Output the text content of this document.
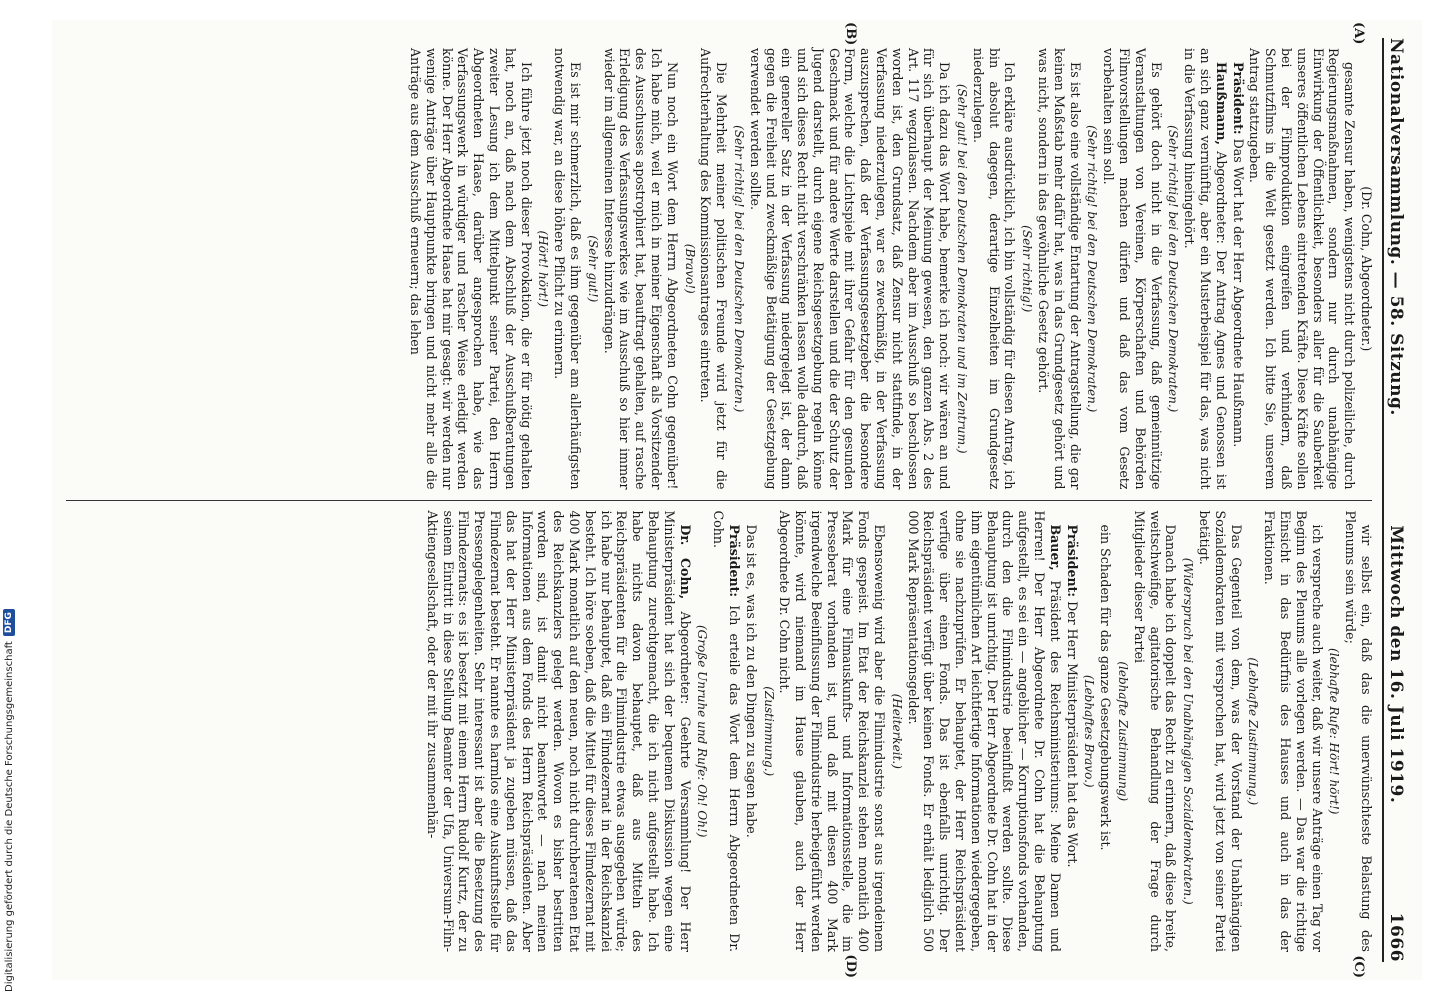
Nationalversammlung. — 58. Sitzung.
Mittwoch den 16. Juli 1919.
1666
(A)
(B)
(C)
(D)

(Dr. Cohn, Abgeordneter.)

gesamte Zensur haben, wenigstens nicht durch polizeiliche, durch Regierungsmaßnahmen, sondern nur durch unabhängige Einwirkung der Öffentlichkeit, besonders aller für die Sauberkeit unseres öffentlichen Lebens eintretenden Kräfte. Diese Kräfte sollen bei der Filmproduktion eingreifen und verhindern, daß Schmutzfilms in die Welt gesetzt werden. Ich bitte Sie, unserem Antrag stattzugeben.

Präsident: Das Wort hat der Herr Abgeordnete Haußmann.

Haußmann, Abgeordneter: Der Antrag Agnes und Genossen ist an sich ganz vernünftig, aber ein Musterbeispiel für das, was nicht in die Verfassung hineingehört.

(Sehr richtig! bei den Deutschen Demokraten.)

Es gehört doch nicht in die Verfassung, daß gemeinnützige Veranstaltungen von Vereinen, Körperschaften und Behörden Filmvorstellungen machen dürfen und daß das vom Gesetz vorbehalten sein soll.

(Sehr richtig! bei den Deutschen Demokraten.)

Es ist also eine vollständige Entartung der Antragstellung, die gar keinen Maßstab mehr dafür hat, was in das Grundgesetz gehört und was nicht, sondern in das gewöhnliche Gesetz gehört.

(Sehr richtig!)

Ich erkläre ausdrücklich, ich bin vollständig für diesen Antrag, ich bin absolut dagegen, derartige Einzelheiten im Grundgesetz niederzulegen.

(Sehr gut! bei den Deutschen Demokraten und im Zentrum.)

Da ich dazu das Wort habe, bemerke ich noch: wir wären an und für sich überhaupt der Meinung gewesen, den ganzen Abs. 2 des Art. 117 wegzulassen. Nachdem aber im Ausschuß so beschlossen worden ist, den Grundsatz, daß Zensur nicht stattfinde, in der Verfassung niederzulegen, war es zweckmäßig, in der Verfassung auszusprechen, daß der Verfassungsgesetzgeber die besondere Form, welche die Lichtspiele mit ihrer Gefahr für den gesunden Geschmack und für andere Werte darstellen und die der Schutz der Jugend darstellt, durch eigene Reichsgesetzgebung regeln könne und sich dieses Recht nicht verschränken lassen wolle dadurch, daß ein genereller Satz in der Verfassung niedergelegt ist, der dann gegen die Freiheit und zweckmäßige Betätigung der Gesetzgebung verwendet werden sollte.

(Sehr richtig! bei den Deutschen Demokraten.)

Die Mehrheit meiner politischen Freunde wird jetzt für die Aufrechterhaltung des Kommissionsantrages eintreten.

(Bravo!)

Nun noch ein Wort dem Herrn Abgeordneten Cohn gegenüber! Ich habe mich, weil er mich in meiner Eigenschaft als Vorsitzender des Ausschusses apostrophiert hat, beauftragt gehalten, auf rasche Erledigung des Verfassungswerkes wie im Ausschuß so hier immer wieder im allgemeinen Interesse hinzudrängen.

(Sehr gut!)

Es ist mir schmerzlich, daß es ihm gegenüber am allerhäufigsten notwendig war, an diese höhere Pflicht zu erinnern.

(Hört! hört!)

Ich führe jetzt noch dieser Provokation, die er für nötig gehalten hat, noch an, daß nach dem Abschluß der Ausschußberatungen zweiter Lesung ich dem Mittelpunkt seiner Partei, den Herrn Abgeordneten Haase, darüber angesprochen habe, wie das Verfassungswerk in würdiger und rascher Weise erledigt werden könne. Der Herr Abgeordnete Haase hat mir gesagt: wir werden nur wenige Anträge über Hauptpunkte bringen und nicht mehr alle die Anträge aus dem Ausschuß erneuern; das lehen

wir selbst ein, daß das die unerwünschteste Belastung des Plenums sein würde;

(lebhafte Rufe: Hört! hört!)

ich verspreche auch weiter, daß wir unsere Anträge einen Tag vor Beginn des Plenums alle vorlegen werden. — Das war die richtige Einsicht in das Bedürfnis des Hauses und auch in das der Fraktionen.

(Lebhafte Zustimmung.)

Das Gegenteil von dem, was der Vorstand der Unabhängigen Sozialdemokraten mit versprochen hat, wird jetzt von seiner Partei betätigt.

(Widerspruch bei den Unabhängigen Sozialdemokraten.)

Danach habe ich doppelt das Recht zu erinnern, daß diese breite, weitschweifige, agitatorische Behandlung der Frage durch Mitglieder dieser Partei

(lebhafte Zustimmung)

ein Schaden für das ganze Gesetzgebungswerk ist.

(Lebhaftes Bravo.)

Präsident: Der Herr Ministerpräsident hat das Wort.

Bauer, Präsident des Reichsministeriums: Meine Damen und Herren! Der Herr Abgeordnete Dr. Cohn hat die Behauptung aufgestellt, es sei ein — angeblicher — Korruptionsfonds vorhanden, durch den die Filmindustrie beeinflußt werden sollte. Diese Behauptung ist unrichtig. Der Herr Abgeordnete Dr. Cohn hat in der ihm eigentümlichen Art leichtfertige Informationen wiedergegeben, ohne sie nachzuprüfen. Er behauptet, der Herr Reichspräsident verfüge über einen Fonds. Das ist ebenfalls unrichtig. Der Reichspräsident verfügt über keinen Fonds. Er erhält lediglich 500 000 Mark Repräsentationsgelder.

(Heiterkeit.)

Ebensowenig wird aber die Filmindustrie sonst aus irgendeinem Fonds gespeist. Im Etat der Reichskanzlei stehen monatlich 400 Mark für eine Filmauskunfts- und Informationsstelle, die im Presseberat vorhanden ist, und daß mit diesen 400 Mark irgendwelche Beeinflussung der Filmindustrie herbeigeführt werden könnte, wird niemand im Hause glauben, auch der Herr Abgeordnete Dr. Cohn nicht.

(Zustimmung.)

Das ist es, was ich zu den Dingen zu sagen habe.

Präsident: Ich erteile das Wort dem Herrn Abgeordneten Dr. Cohn.

(Große Unruhe und Rufe: Oh! Oh!)

Dr. Cohn, Abgeordneter: Geehrte Versammlung! Der Herr Ministerpräsident hat sich der bequemen Diskussion wegen eine Behauptung zurechtgemacht, die ich nicht aufgestellt habe. Ich habe nichts davon behauptet, daß aus Mitteln des Reichspräsidenten für die Filmindustrie etwas ausgegeben würde; ich habe nur behauptet, daß ein Filmdezernat in der Reichskanzlei besteht. Ich höre soeben, daß die Mittel für dieses Filmdezernat mit 400 Mark monatlich auf den neuen, noch nicht durchberatenen Etat des Reichskanzlers gelegt werden. Wovon es bisher bestritten worden sind, ist damit nicht beantwortet — nach meinen Informationen aus dem Fonds des Herrn Reichspräsidenten. Aber das hat der Herr Ministerpräsident ja zugeben müssen, daß das Filmdezernat besteht. Er nannte es harmlos eine Auskunftsstelle für Pressengelegenheiten. Sehr interessant ist aber die Besetzung des Filmdezernats: es ist besetzt mit einem Herrn Rudolf Kurtz, der zu seinem Eintritt in diese Stellung Beamter der Ufa, Universum-Film-Aktiengesellschaft, oder der mit ihr zusammenhän-

Digitalisierung gefördert durch die Deutsche Forschungsgemeinschaft
DFG
